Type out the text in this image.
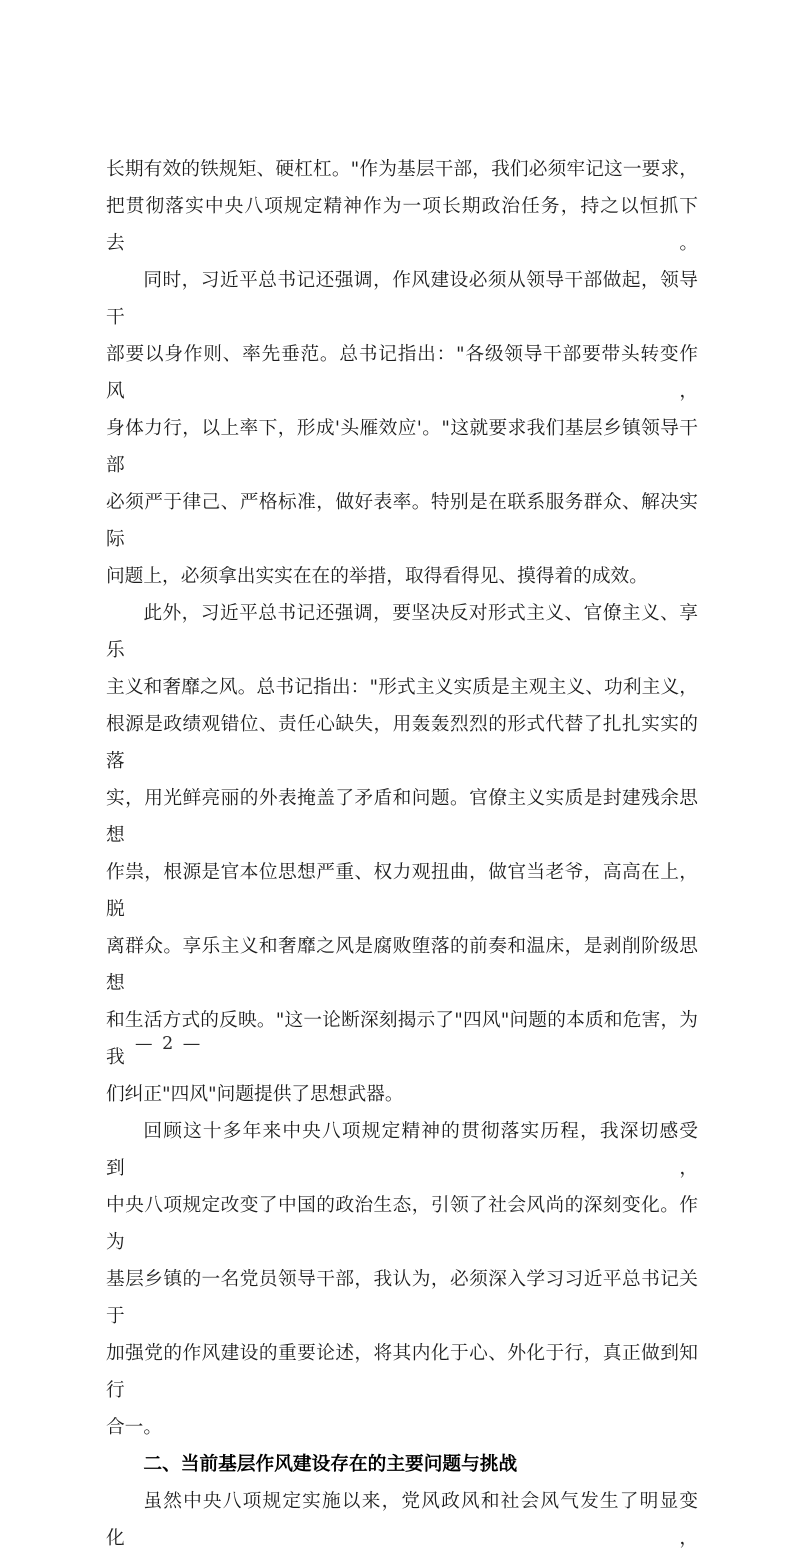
长期有效的铁规矩、硬杠杠。"作为基层干部，我们必须牢记这一要求，
把贯彻落实中央八项规定精神作为一项长期政治任务，持之以恒抓下去。
同时，习近平总书记还强调，作风建设必须从领导干部做起，领导干
部要以身作则、率先垂范。总书记指出："各级领导干部要带头转变作风，
身体力行，以上率下，形成'头雁效应'。"这就要求我们基层乡镇领导干部
必须严于律己、严格标准，做好表率。特别是在联系服务群众、解决实际
问题上，必须拿出实实在在的举措，取得看得见、摸得着的成效。
此外，习近平总书记还强调，要坚决反对形式主义、官僚主义、享乐
主义和奢靡之风。总书记指出："形式主义实质是主观主义、功利主义，
根源是政绩观错位、责任心缺失，用轰轰烈烈的形式代替了扎扎实实的落
实，用光鲜亮丽的外表掩盖了矛盾和问题。官僚主义实质是封建残余思想
作祟，根源是官本位思想严重、权力观扭曲，做官当老爷，高高在上，脱
离群众。享乐主义和奢靡之风是腐败堕落的前奏和温床，是剥削阶级思想
和生活方式的反映。"这一论断深刻揭示了"四风"问题的本质和危害，为我
们纠正"四风"问题提供了思想武器。
回顾这十多年来中央八项规定精神的贯彻落实历程，我深切感受到，
中央八项规定改变了中国的政治生态，引领了社会风尚的深刻变化。作为
基层乡镇的一名党员领导干部，我认为，必须深入学习习近平总书记关于
加强党的作风建设的重要论述，将其内化于心、外化于行，真正做到知行
合一。
二、当前基层作风建设存在的主要问题与挑战
虽然中央八项规定实施以来，党风政风和社会风气发生了明显变化，
— 2 —
